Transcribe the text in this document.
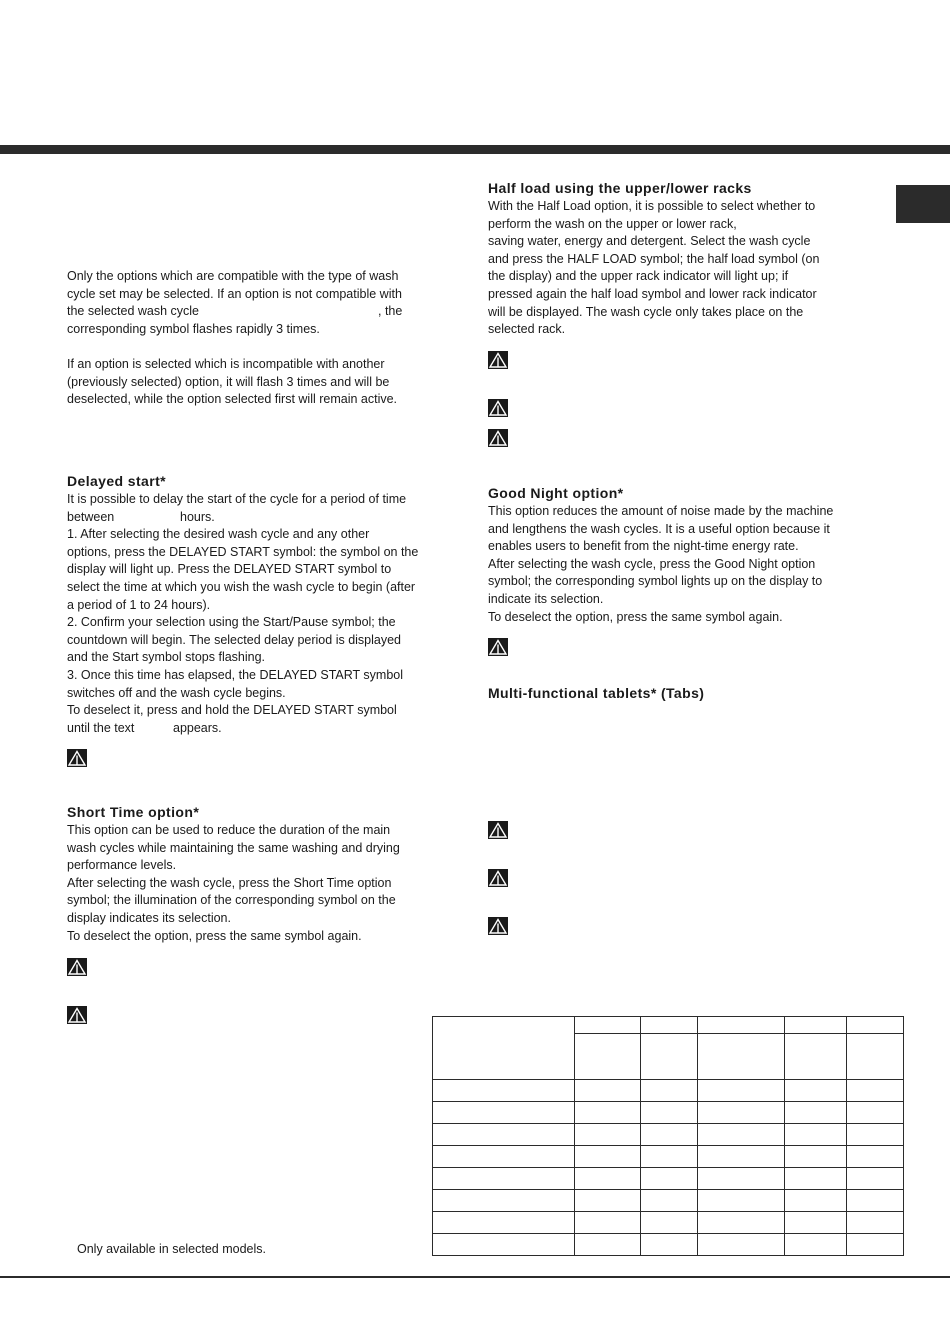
Only the options which are compatible with the type of wash
cycle set may be selected. If an option is not compatible with
the selected wash cycle	, the
corresponding symbol flashes rapidly 3 times.
If an option is selected which is incompatible with another
(previously selected) option, it will flash 3 times and will be
deselected, while the option selected first will remain active.
Delayed start*
It is possible to delay the start of the cycle for a period of time
between	hours.
1. After selecting the desired wash cycle and any other
options, press the DELAYED START symbol: the symbol on the
display will light up. Press the DELAYED START symbol to
select the time at which you wish the wash cycle to begin (after
a period of 1 to 24 hours).
2. Confirm your selection using the Start/Pause symbol; the
countdown will begin. The selected delay period is displayed
and the Start symbol stops flashing.
3. Once this time has elapsed, the DELAYED START symbol
switches off and the wash cycle begins.
To deselect it, press and hold the DELAYED START symbol
until the text	appears.
Short Time option*
This option can be used to reduce the duration of the main
wash cycles while maintaining the same washing and drying
performance levels.
After selecting the wash cycle, press the Short Time option
symbol; the illumination of the corresponding symbol on the
display indicates its selection.
To deselect the option, press the same symbol again.
Only available in selected models.
Half load using the upper/lower racks
With the Half Load option, it is possible to select whether to
perform the wash on the upper or lower rack,
saving water, energy and detergent. Select the wash cycle
and press the HALF LOAD symbol; the half load symbol (on
the display) and the upper rack indicator will light up; if
pressed again the half load symbol and lower rack indicator
will be displayed. The wash cycle only takes place on the
selected rack.
Good Night option*
This option reduces the amount of noise made by the machine
and lengthens the wash cycles. It is a useful option because it
enables users to benefit from the night-time energy rate.
After selecting the wash cycle, press the Good Night option
symbol; the corresponding symbol lights up on the display to
indicate its selection.
To deselect the option, press the same symbol again.
Multi-functional tablets* (Tabs)
